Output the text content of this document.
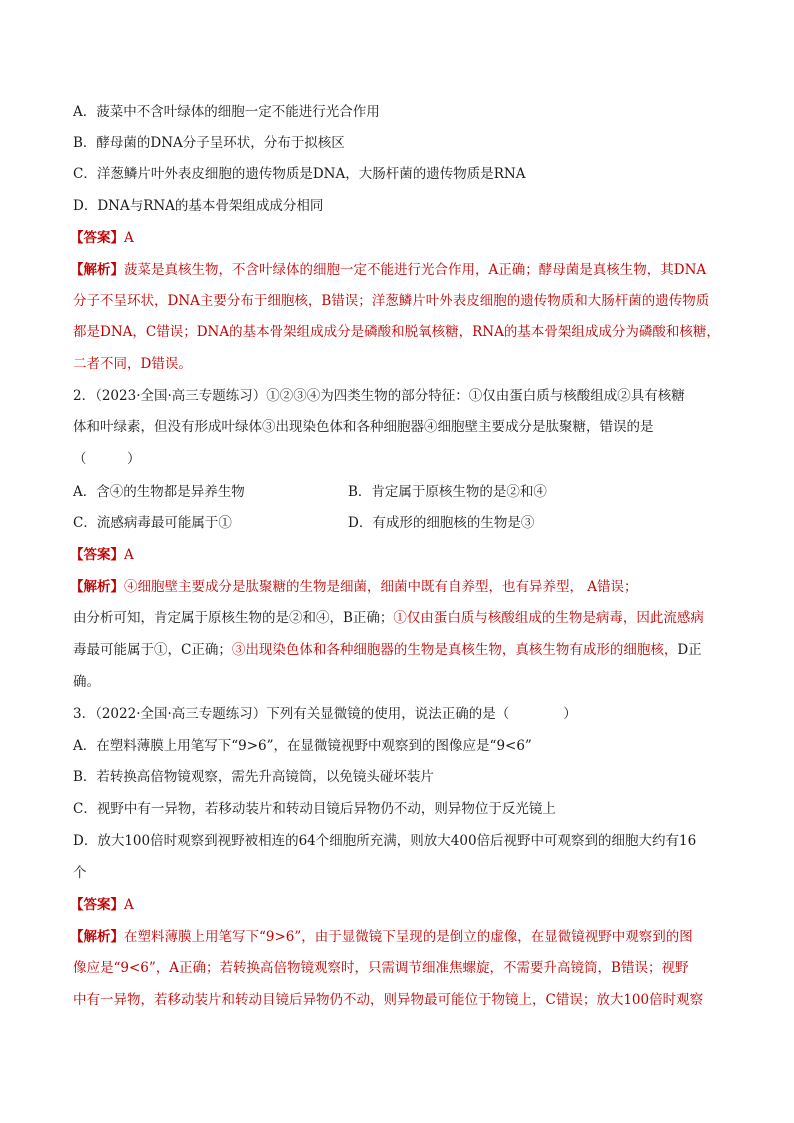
A．菠菜中不含叶绿体的细胞一定不能进行光合作用
B．酵母菌的DNA分子呈环状，分布于拟核区
C．洋葱鳞片叶外表皮细胞的遗传物质是DNA，大肠杆菌的遗传物质是RNA
D．DNA与RNA的基本骨架组成成分相同
【答案】A
【解析】菠菜是真核生物，不含叶绿体的细胞一定不能进行光合作用，A正确；酵母菌是真核生物，其DNA
分子不呈环状，DNA主要分布于细胞核，B错误；洋葱鳞片叶外表皮细胞的遗传物质和大肠杆菌的遗传物质
都是DNA，C错误；DNA的基本骨架组成成分是磷酸和脱氧核糖，RNA的基本骨架组成成分为磷酸和核糖，
二者不同，D错误。
2．（2023·全国·高三专题练习）①②③④为四类生物的部分特征：①仅由蛋白质与核酸组成②具有核糖
体和叶绿素，但没有形成叶绿体③出现染色体和各种细胞器④细胞壁主要成分是肽聚糖，错误的是
（　　　）
A．含④的生物都是异养生物	B．肯定属于原核生物的是②和④
C．流感病毒最可能属于①	D．有成形的细胞核的生物是③
【答案】A
【解析】④细胞壁主要成分是肽聚糖的生物是细菌，细菌中既有自养型，也有异养型， A错误；
由分析可知，肯定属于原核生物的是②和④，B正确；①仅由蛋白质与核酸组成的生物是病毒，因此流感病
毒最可能属于①，C正确；③出现染色体和各种细胞器的生物是真核生物，真核生物有成形的细胞核，D正
确。
3．（2022·全国·高三专题练习）下列有关显微镜的使用，说法正确的是（　　　　）
A．在塑料薄膜上用笔写下“9>6”，在显微镜视野中观察到的图像应是“9<6”
B．若转换高倍物镜观察，需先升高镜筒，以免镜头碰坏装片
C．视野中有一异物，若移动装片和转动目镜后异物仍不动，则异物位于反光镜上
D．放大100倍时观察到视野被相连的64个细胞所充满，则放大400倍后视野中可观察到的细胞大约有16
个
【答案】A
【解析】在塑料薄膜上用笔写下“9>6”，由于显微镜下呈现的是倒立的虚像，在显微镜视野中观察到的图
像应是“9<6”，A正确；若转换高倍物镜观察时，只需调节细准焦螺旋，不需要升高镜筒，B错误；视野
中有一异物，若移动装片和转动目镜后异物仍不动，则异物最可能位于物镜上，C错误；放大100倍时观察
